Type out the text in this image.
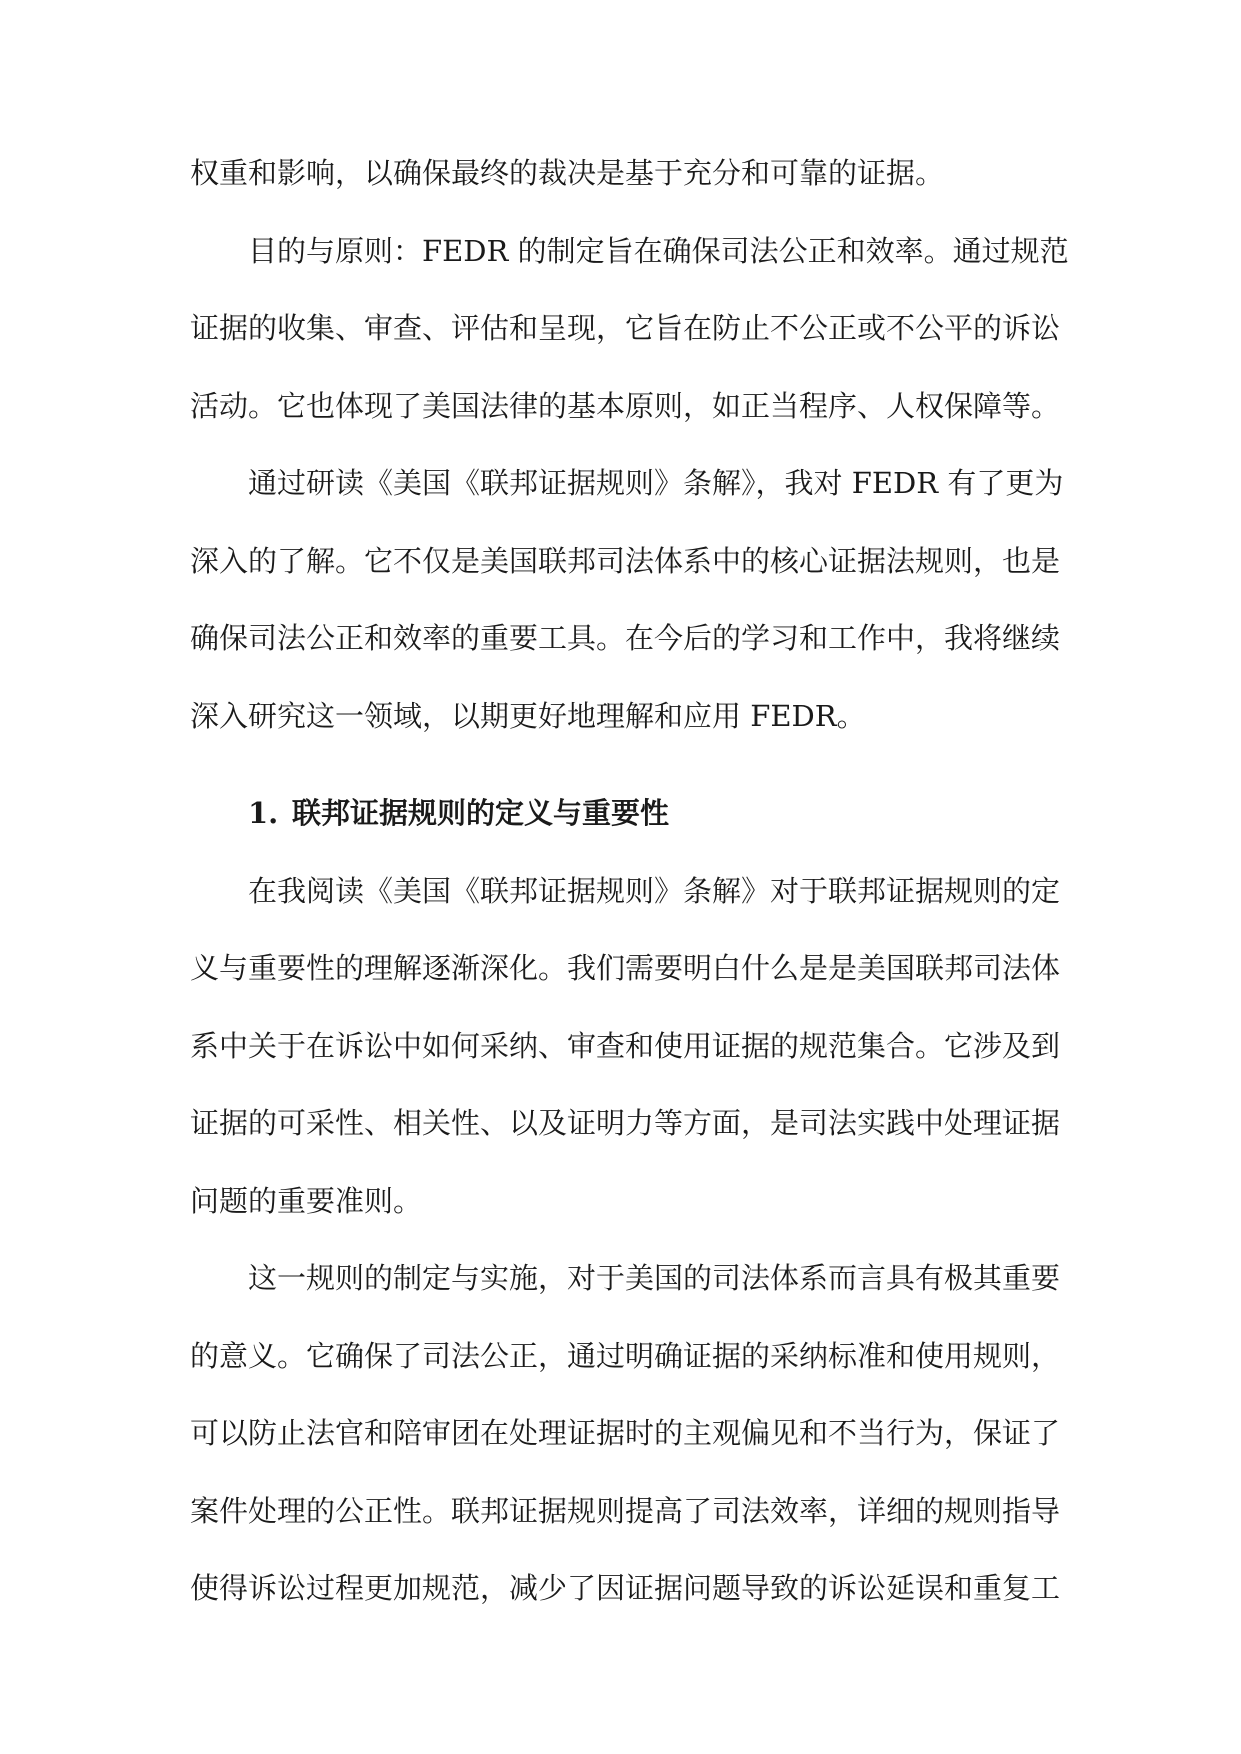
权重和影响，以确保最终的裁决是基于充分和可靠的证据。
目的与原则：FEDR 的制定旨在确保司法公正和效率。通过规范
证据的收集、审查、评估和呈现，它旨在防止不公正或不公平的诉讼
活动。它也体现了美国法律的基本原则，如正当程序、人权保障等。
通过研读《美国《联邦证据规则》条解》，我对 FEDR 有了更为
深入的了解。它不仅是美国联邦司法体系中的核心证据法规则，也是
确保司法公正和效率的重要工具。在今后的学习和工作中，我将继续
深入研究这一领域，以期更好地理解和应用 FEDR。
1. 联邦证据规则的定义与重要性
在我阅读《美国《联邦证据规则》条解》对于联邦证据规则的定
义与重要性的理解逐渐深化。我们需要明白什么是是美国联邦司法体
系中关于在诉讼中如何采纳、审查和使用证据的规范集合。它涉及到
证据的可采性、相关性、以及证明力等方面，是司法实践中处理证据
问题的重要准则。
这一规则的制定与实施，对于美国的司法体系而言具有极其重要
的意义。它确保了司法公正，通过明确证据的采纳标准和使用规则，
可以防止法官和陪审团在处理证据时的主观偏见和不当行为，保证了
案件处理的公正性。联邦证据规则提高了司法效率，详细的规则指导
使得诉讼过程更加规范，减少了因证据问题导致的诉讼延误和重复工
